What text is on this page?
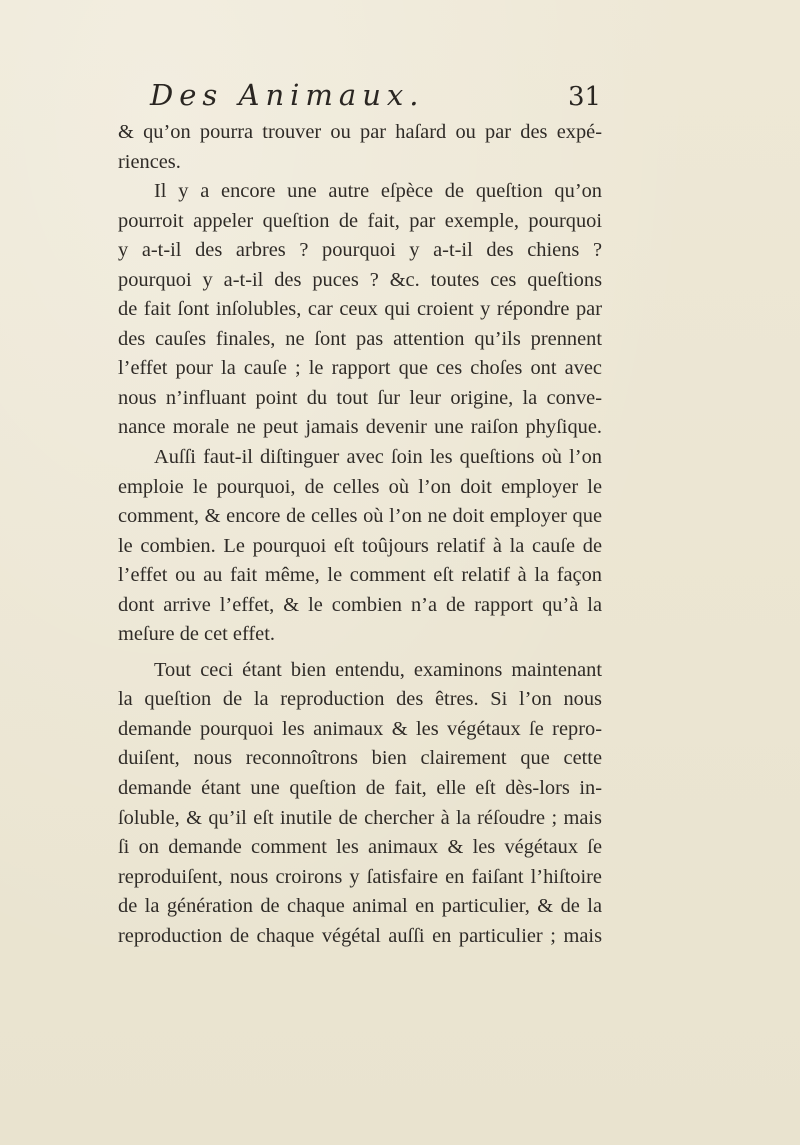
Des Animaux.	31
& qu’on pourra trouver ou par haſard ou par des expé-
riences.
Il y a encore une autre eſpèce de queſtion qu’on
pourroit appeler queſtion de fait, par exemple, pourquoi
y a-t-il des arbres ? pourquoi y a-t-il des chiens ?
pourquoi y a-t-il des puces ? &c. toutes ces queſtions
de fait ſont inſolubles, car ceux qui croient y répondre par
des cauſes finales, ne ſont pas attention qu’ils prennent
l’effet pour la cauſe ; le rapport que ces choſes ont avec
nous n’influant point du tout ſur leur origine, la conve-
nance morale ne peut jamais devenir une raiſon phyſique.
Auſſi faut-il diſtinguer avec ſoin les queſtions où l’on
emploie le pourquoi, de celles où l’on doit employer le
comment, & encore de celles où l’on ne doit employer que
le combien. Le pourquoi eſt toûjours relatif à la cauſe de
l’effet ou au fait même, le comment eſt relatif à la façon
dont arrive l’effet, & le combien n’a de rapport qu’à la
meſure de cet effet.
Tout ceci étant bien entendu, examinons maintenant
la queſtion de la reproduction des êtres. Si l’on nous
demande pourquoi les animaux & les végétaux ſe repro-
duiſent, nous reconnoîtrons bien clairement que cette
demande étant une queſtion de fait, elle eſt dès-lors in-
ſoluble, & qu’il eſt inutile de chercher à la réſoudre ; mais
ſi on demande comment les animaux & les végétaux ſe
reproduiſent, nous croirons y ſatisfaire en faiſant l’hiſtoire
de la génération de chaque animal en particulier, & de la
reproduction de chaque végétal auſſi en particulier ; mais
